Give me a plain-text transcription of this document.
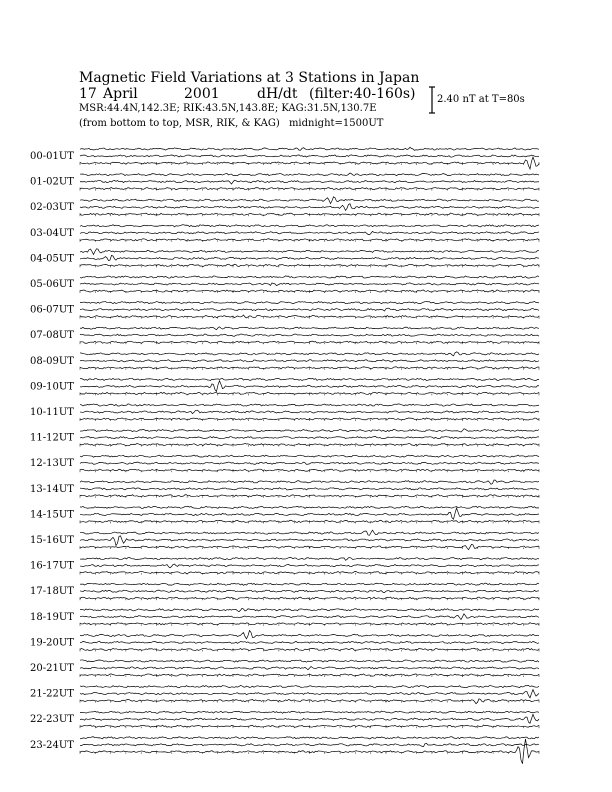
Magnetic Field Variations at 3 Stations in Japan
17 April	2001	dH/dt (filter:40-160s)
MSR:44.4N,142.3E; RIK:43.5N,143.8E; KAG:31.5N,130.7E
(from bottom to top, MSR, RIK, & KAG) midnight=1500UT
2.40 nT at T=80s
00-01UT
01-02UT
02-03UT
03-04UT
04-05UT
05-06UT
06-07UT
07-08UT
08-09UT
09-10UT
10-11UT
11-12UT
12-13UT
13-14UT
14-15UT
15-16UT
16-17UT
17-18UT
18-19UT
19-20UT
20-21UT
21-22UT
22-23UT
23-24UT
